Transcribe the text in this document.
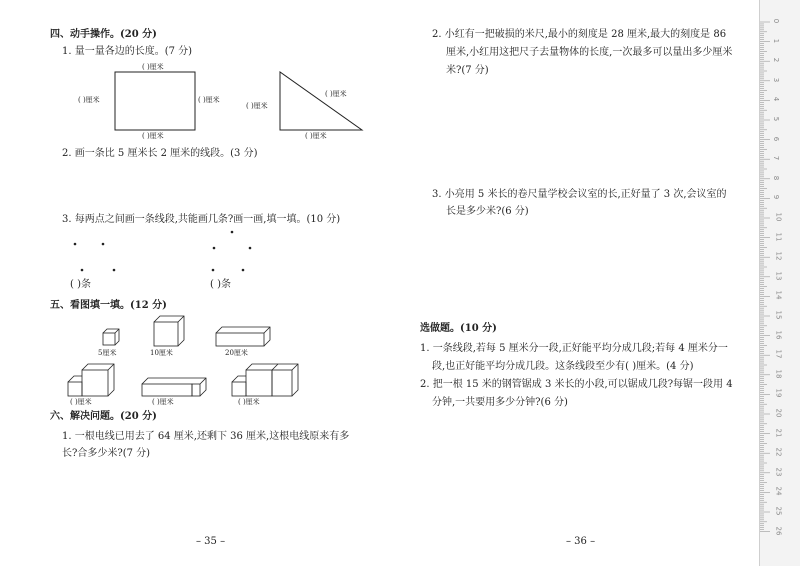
四、动手操作。(20 分)
1. 量一量各边的长度。(7 分)
( )厘米
( )厘米	( )厘米
( )厘米
( )厘米
( )厘米
( )厘米
2. 画一条比 5 厘米长 2 厘米的线段。(3 分)
3. 每两点之间画一条线段,共能画几条?画一画,填一填。(10 分)
( )条	( )条
五、看图填一填。(12 分)
5厘米	10厘米	20厘米
( )厘米	( )厘米	( )厘米
六、解决问题。(20 分)
1. 一根电线已用去了 64 厘米,还剩下 36 厘米,这根电线原来有多
长?合多少米?(7 分)
– 35 –
2. 小红有一把破损的米尺,最小的刻度是 28 厘米,最大的刻度是 86
厘米,小红用这把尺子去量物体的长度,一次最多可以量出多少厘米
米?(7 分)
3. 小亮用 5 米长的卷尺量学校会议室的长,正好量了 3 次,会议室的
长是多少米?(6 分)
选做题。(10 分)
1. 一条线段,若每 5 厘米分一段,正好能平均分成几段;若每 4 厘米分一
段,也正好能平均分成几段。这条线段至少有( )厘米。(4 分)
2. 把一根 15 米的钢管锯成 3 米长的小段,可以锯成几段?每锯一段用 4
分钟,一共要用多少分钟?(6 分)
– 36 –
0
1
2
3
4
5
6
7
8
9
10
11
12
13
14
15
16
17
18
19
20
21
22
23
24
25
26
